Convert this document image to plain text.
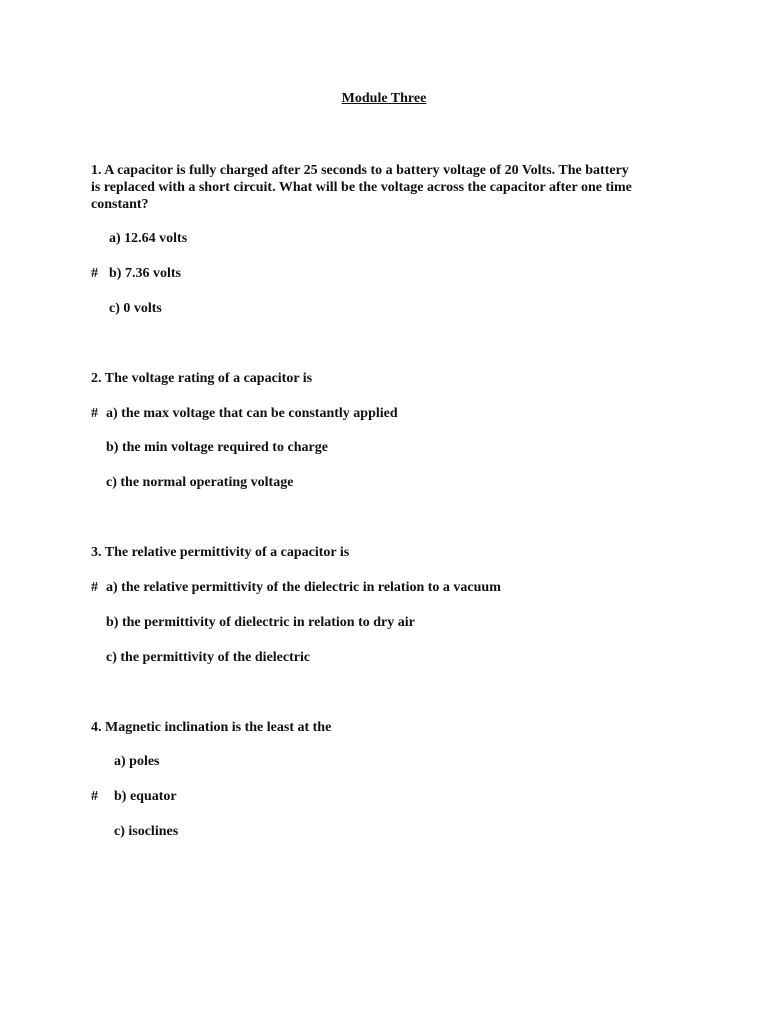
Module Three
1. A capacitor is fully charged after 25 seconds to a battery voltage of 20 Volts. The battery
is replaced with a short circuit. What will be the voltage across the capacitor after one time
constant?
a) 12.64 volts
# b) 7.36 volts
c) 0 volts
2. The voltage rating of a capacitor is
# a) the max voltage that can be constantly applied
b) the min voltage required to charge
c) the normal operating voltage
3. The relative permittivity of a capacitor is
# a) the relative permittivity of the dielectric in relation to a vacuum
b) the permittivity of dielectric in relation to dry air
c) the permittivity of the dielectric
4. Magnetic inclination is the least at the
a) poles
# b) equator
c) isoclines
